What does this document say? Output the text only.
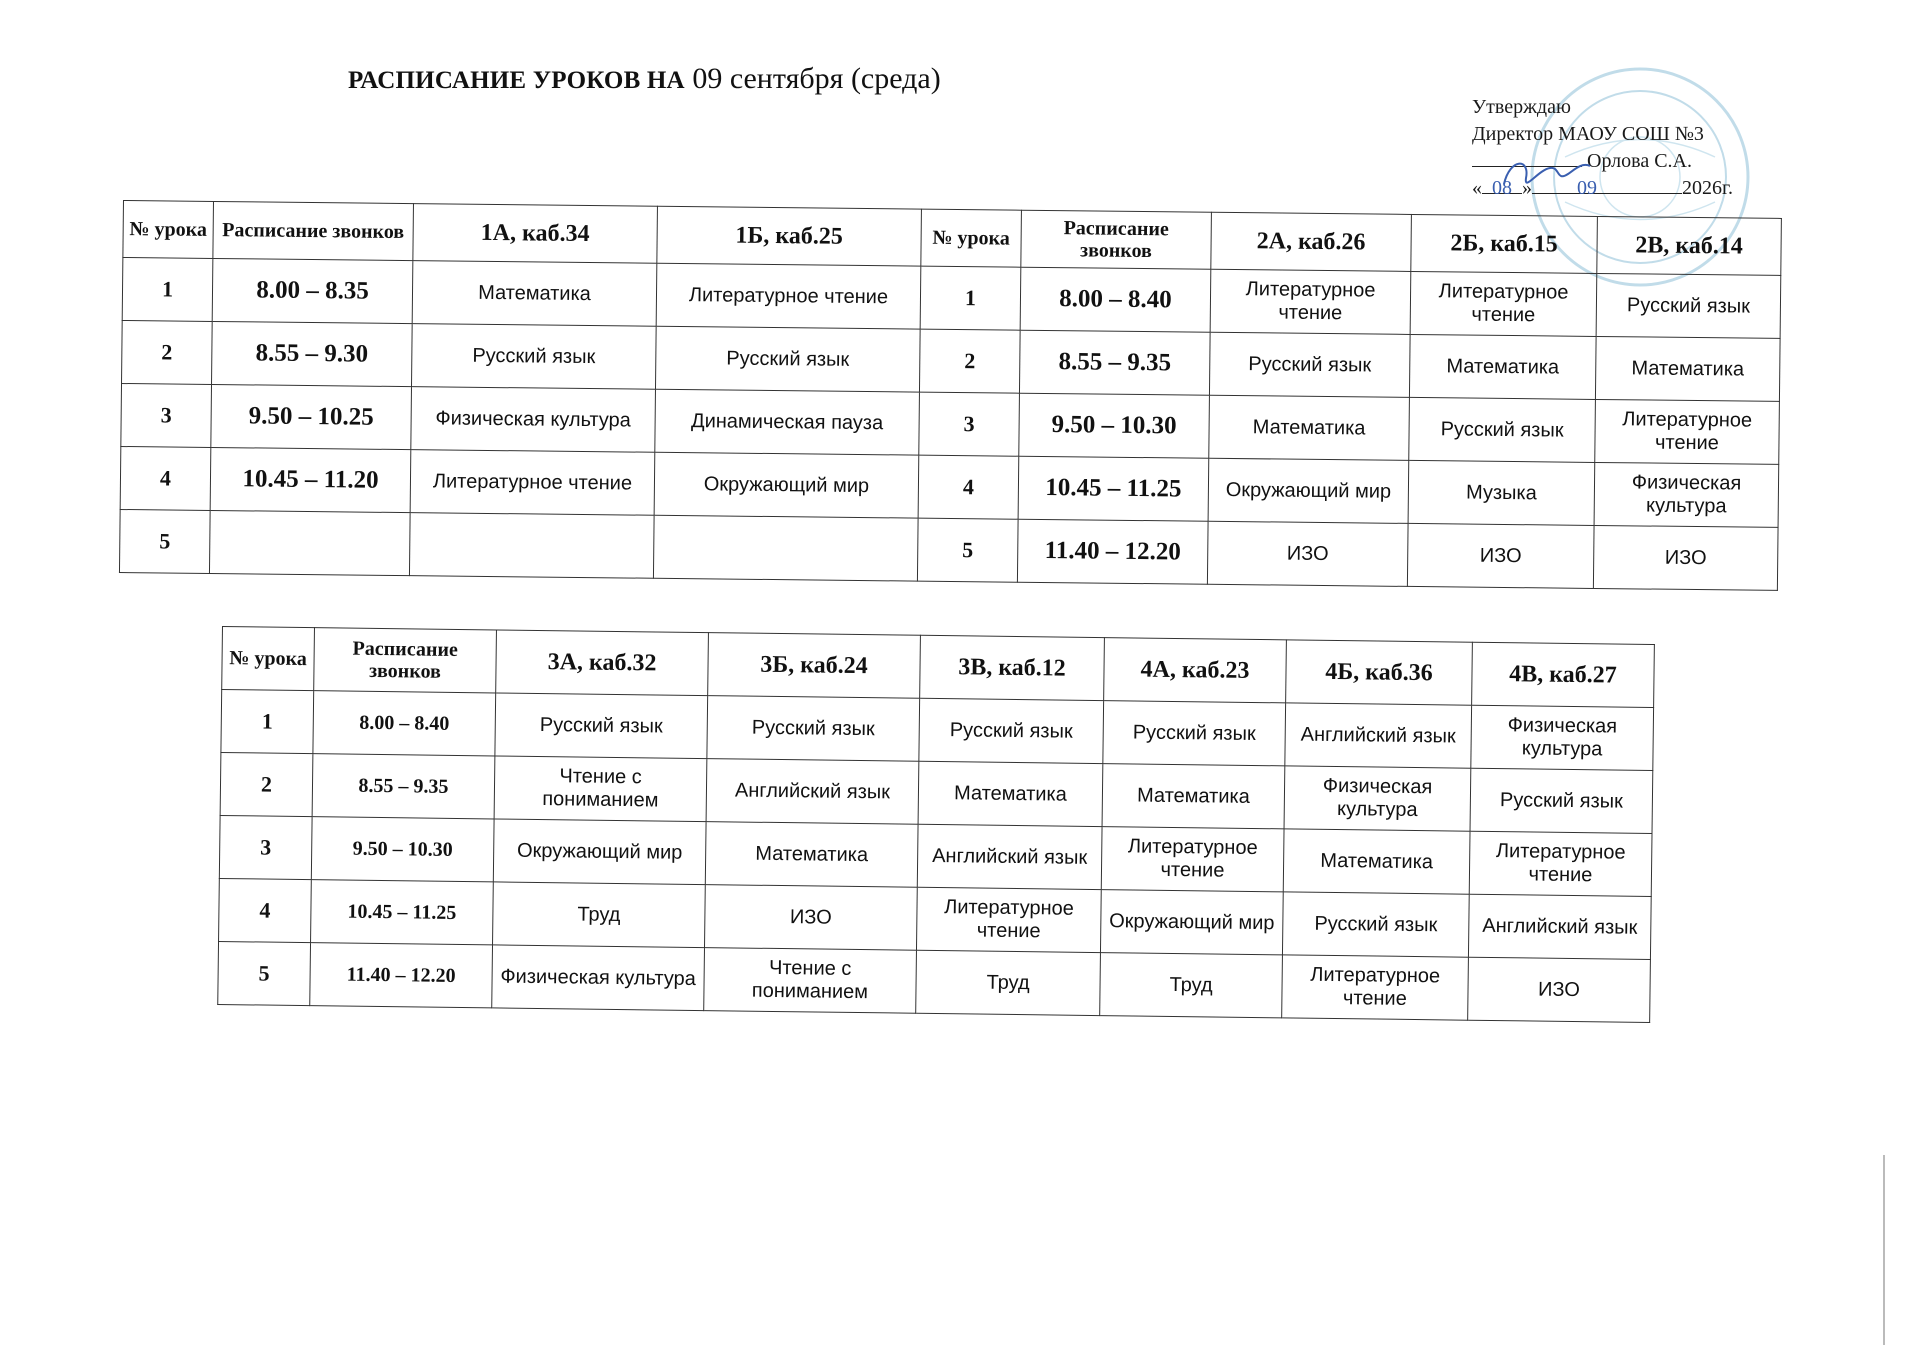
РАСПИСАНИЕ УРОКОВ НА 09 сентября (среда)
Утверждаю
Директор МАОУ СОШ №3
Орлова С.А.
« 08 » 09	2026г.
№ урока	Расписание звонков	1А, каб.34	1Б, каб.25	№ урока	Расписание звонков	2А, каб.26	2Б, каб.15	2В, каб.14
1	8.00 – 8.35	Математика	Литературное чтение	1	8.00 – 8.40	Литературное чтение	Литературное чтение	Русский язык
2	8.55 – 9.30	Русский язык	Русский язык	2	8.55 – 9.35	Русский язык	Математика	Математика
3	9.50 – 10.25	Физическая культура	Динамическая пауза	3	9.50 – 10.30	Математика	Русский язык	Литературное чтение
4	10.45 – 11.20	Литературное чтение	Окружающий мир	4	10.45 – 11.25	Окружающий мир	Музыка	Физическая культура
5				5	11.40 – 12.20	ИЗО	ИЗО	ИЗО
№ урока	Расписание звонков	3А, каб.32	3Б, каб.24	3В, каб.12	4А, каб.23	4Б, каб.36	4В, каб.27
1	8.00 – 8.40	Русский язык	Русский язык	Русский язык	Русский язык	Английский язык	Физическая культура
2	8.55 – 9.35	Чтение с пониманием	Английский язык	Математика	Математика	Физическая культура	Русский язык
3	9.50 – 10.30	Окружающий мир	Математика	Английский язык	Литературное чтение	Математика	Литературное чтение
4	10.45 – 11.25	Труд	ИЗО	Литературное чтение	Окружающий мир	Русский язык	Английский язык
5	11.40 – 12.20	Физическая культура	Чтение с пониманием	Труд	Труд	Литературное чтение	ИЗО
